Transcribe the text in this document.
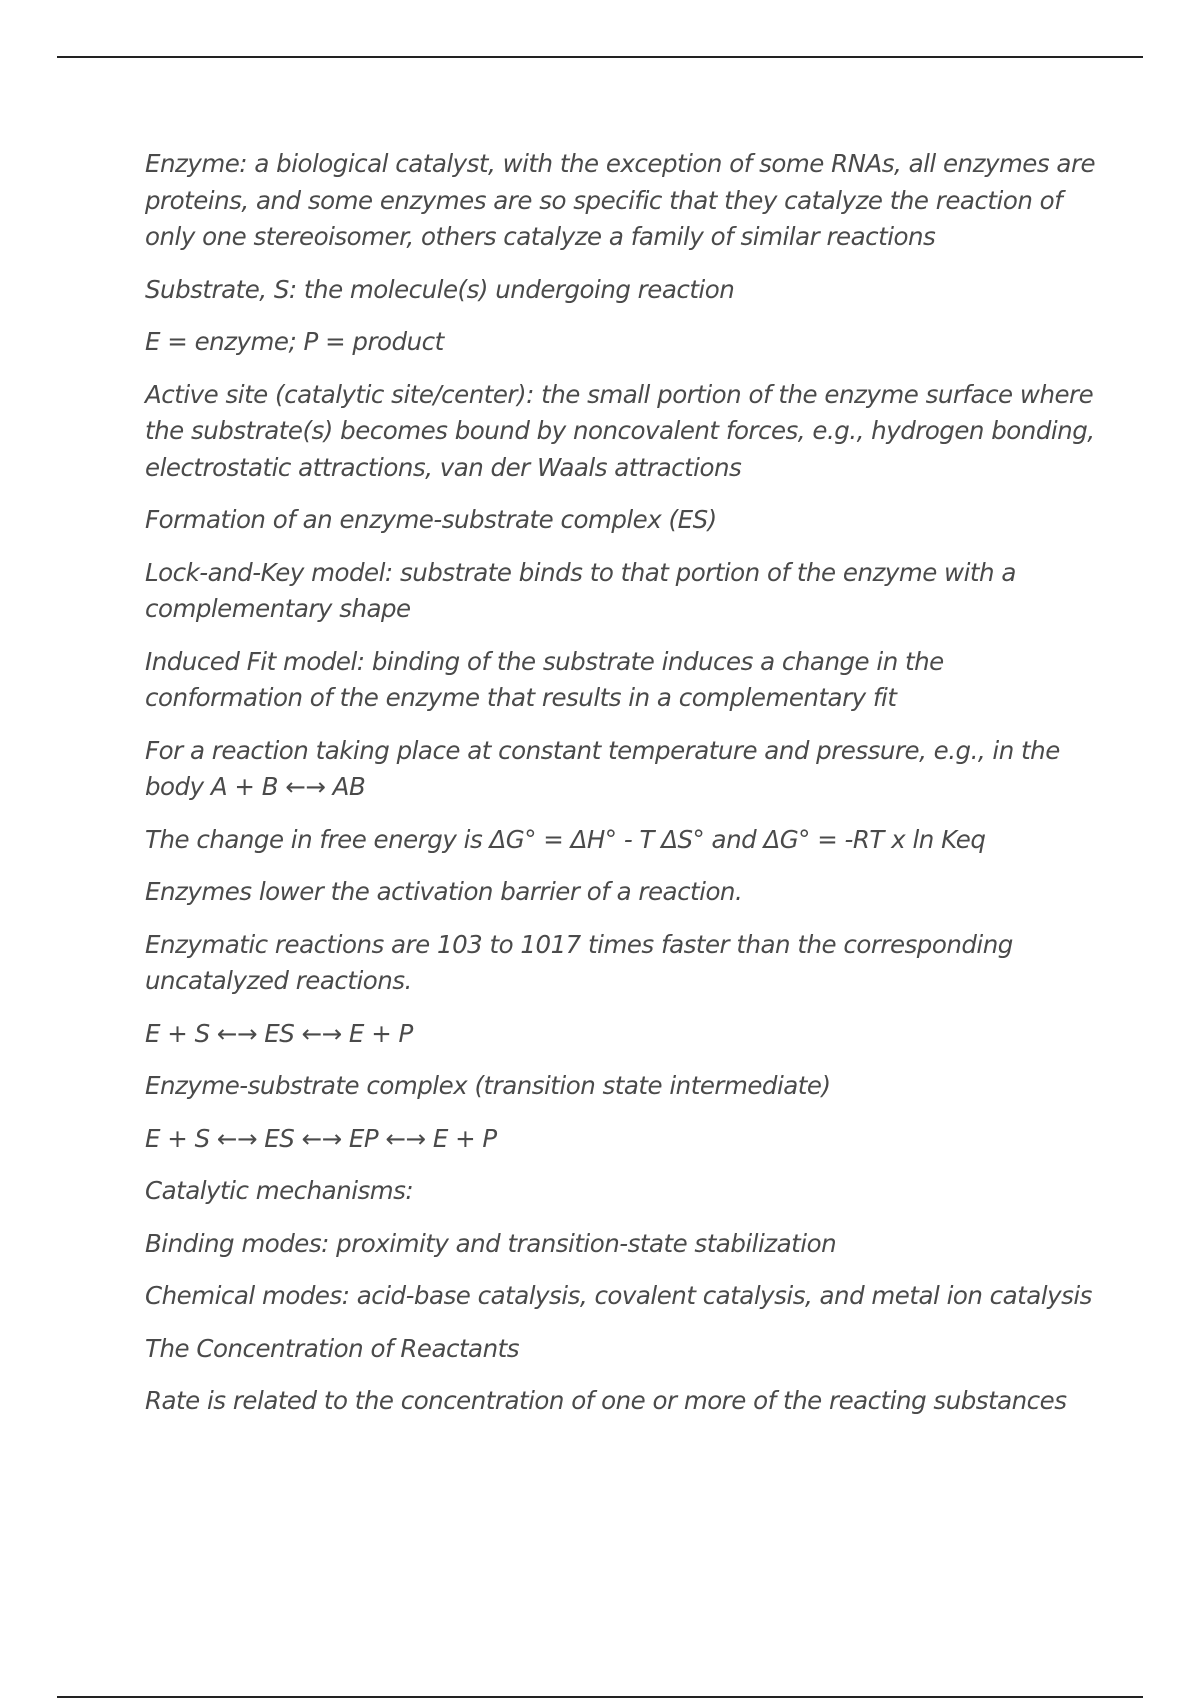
Enzyme: a biological catalyst, with the exception of some RNAs, all enzymes are proteins, and some enzymes are so specific that they catalyze the reaction of only one stereoisomer, others catalyze a family of similar reactions

Substrate, S: the molecule(s) undergoing reaction

E = enzyme; P = product

Active site (catalytic site/center): the small portion of the enzyme surface where the substrate(s) becomes bound by noncovalent forces, e.g., hydrogen bonding, electrostatic attractions, van der Waals attractions

Formation of an enzyme-substrate complex (ES)

Lock-and-Key model: substrate binds to that portion of the enzyme with a complementary shape

Induced Fit model: binding of the substrate induces a change in the conformation of the enzyme that results in a complementary fit

For a reaction taking place at constant temperature and pressure, e.g., in the body A + B ←→ AB

The change in free energy is ΔG° = ΔH° - T ΔS° and ΔG° = -RT x ln Keq

Enzymes lower the activation barrier of a reaction.

Enzymatic reactions are 103 to 1017 times faster than the corresponding uncatalyzed reactions.

E + S ←→ ES ←→ E + P

Enzyme-substrate complex (transition state intermediate)

E + S ←→ ES ←→ EP ←→ E + P

Catalytic mechanisms:

Binding modes: proximity and transition-state stabilization

Chemical modes: acid-base catalysis, covalent catalysis, and metal ion catalysis

The Concentration of Reactants

Rate is related to the concentration of one or more of the reacting substances
